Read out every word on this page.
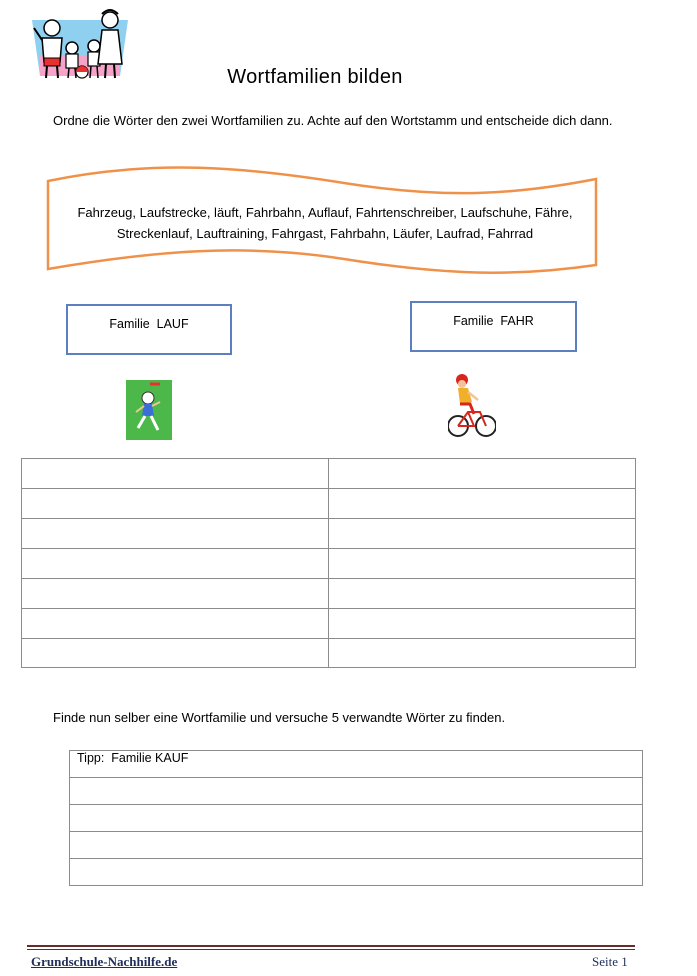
Wortfamilien bilden
Ordne die Wörter den zwei Wortfamilien zu. Achte auf den Wortstamm und entscheide dich dann.
Fahrzeug, Laufstrecke, läuft, Fahrbahn, Auflauf, Fahrtenschreiber, Laufschuhe, Fähre,
Streckenlauf, Lauftraining, Fahrgast, Fahrbahn, Läufer, Laufrad, Fahrrad
Familie  LAUF	Familie  FAHR

Finde nun selber eine Wortfamilie und versuche 5 verwandte Wörter zu finden.
Tipp:  Familie KAUF

Grundschule-Nachhilfe.de	Seite 1
